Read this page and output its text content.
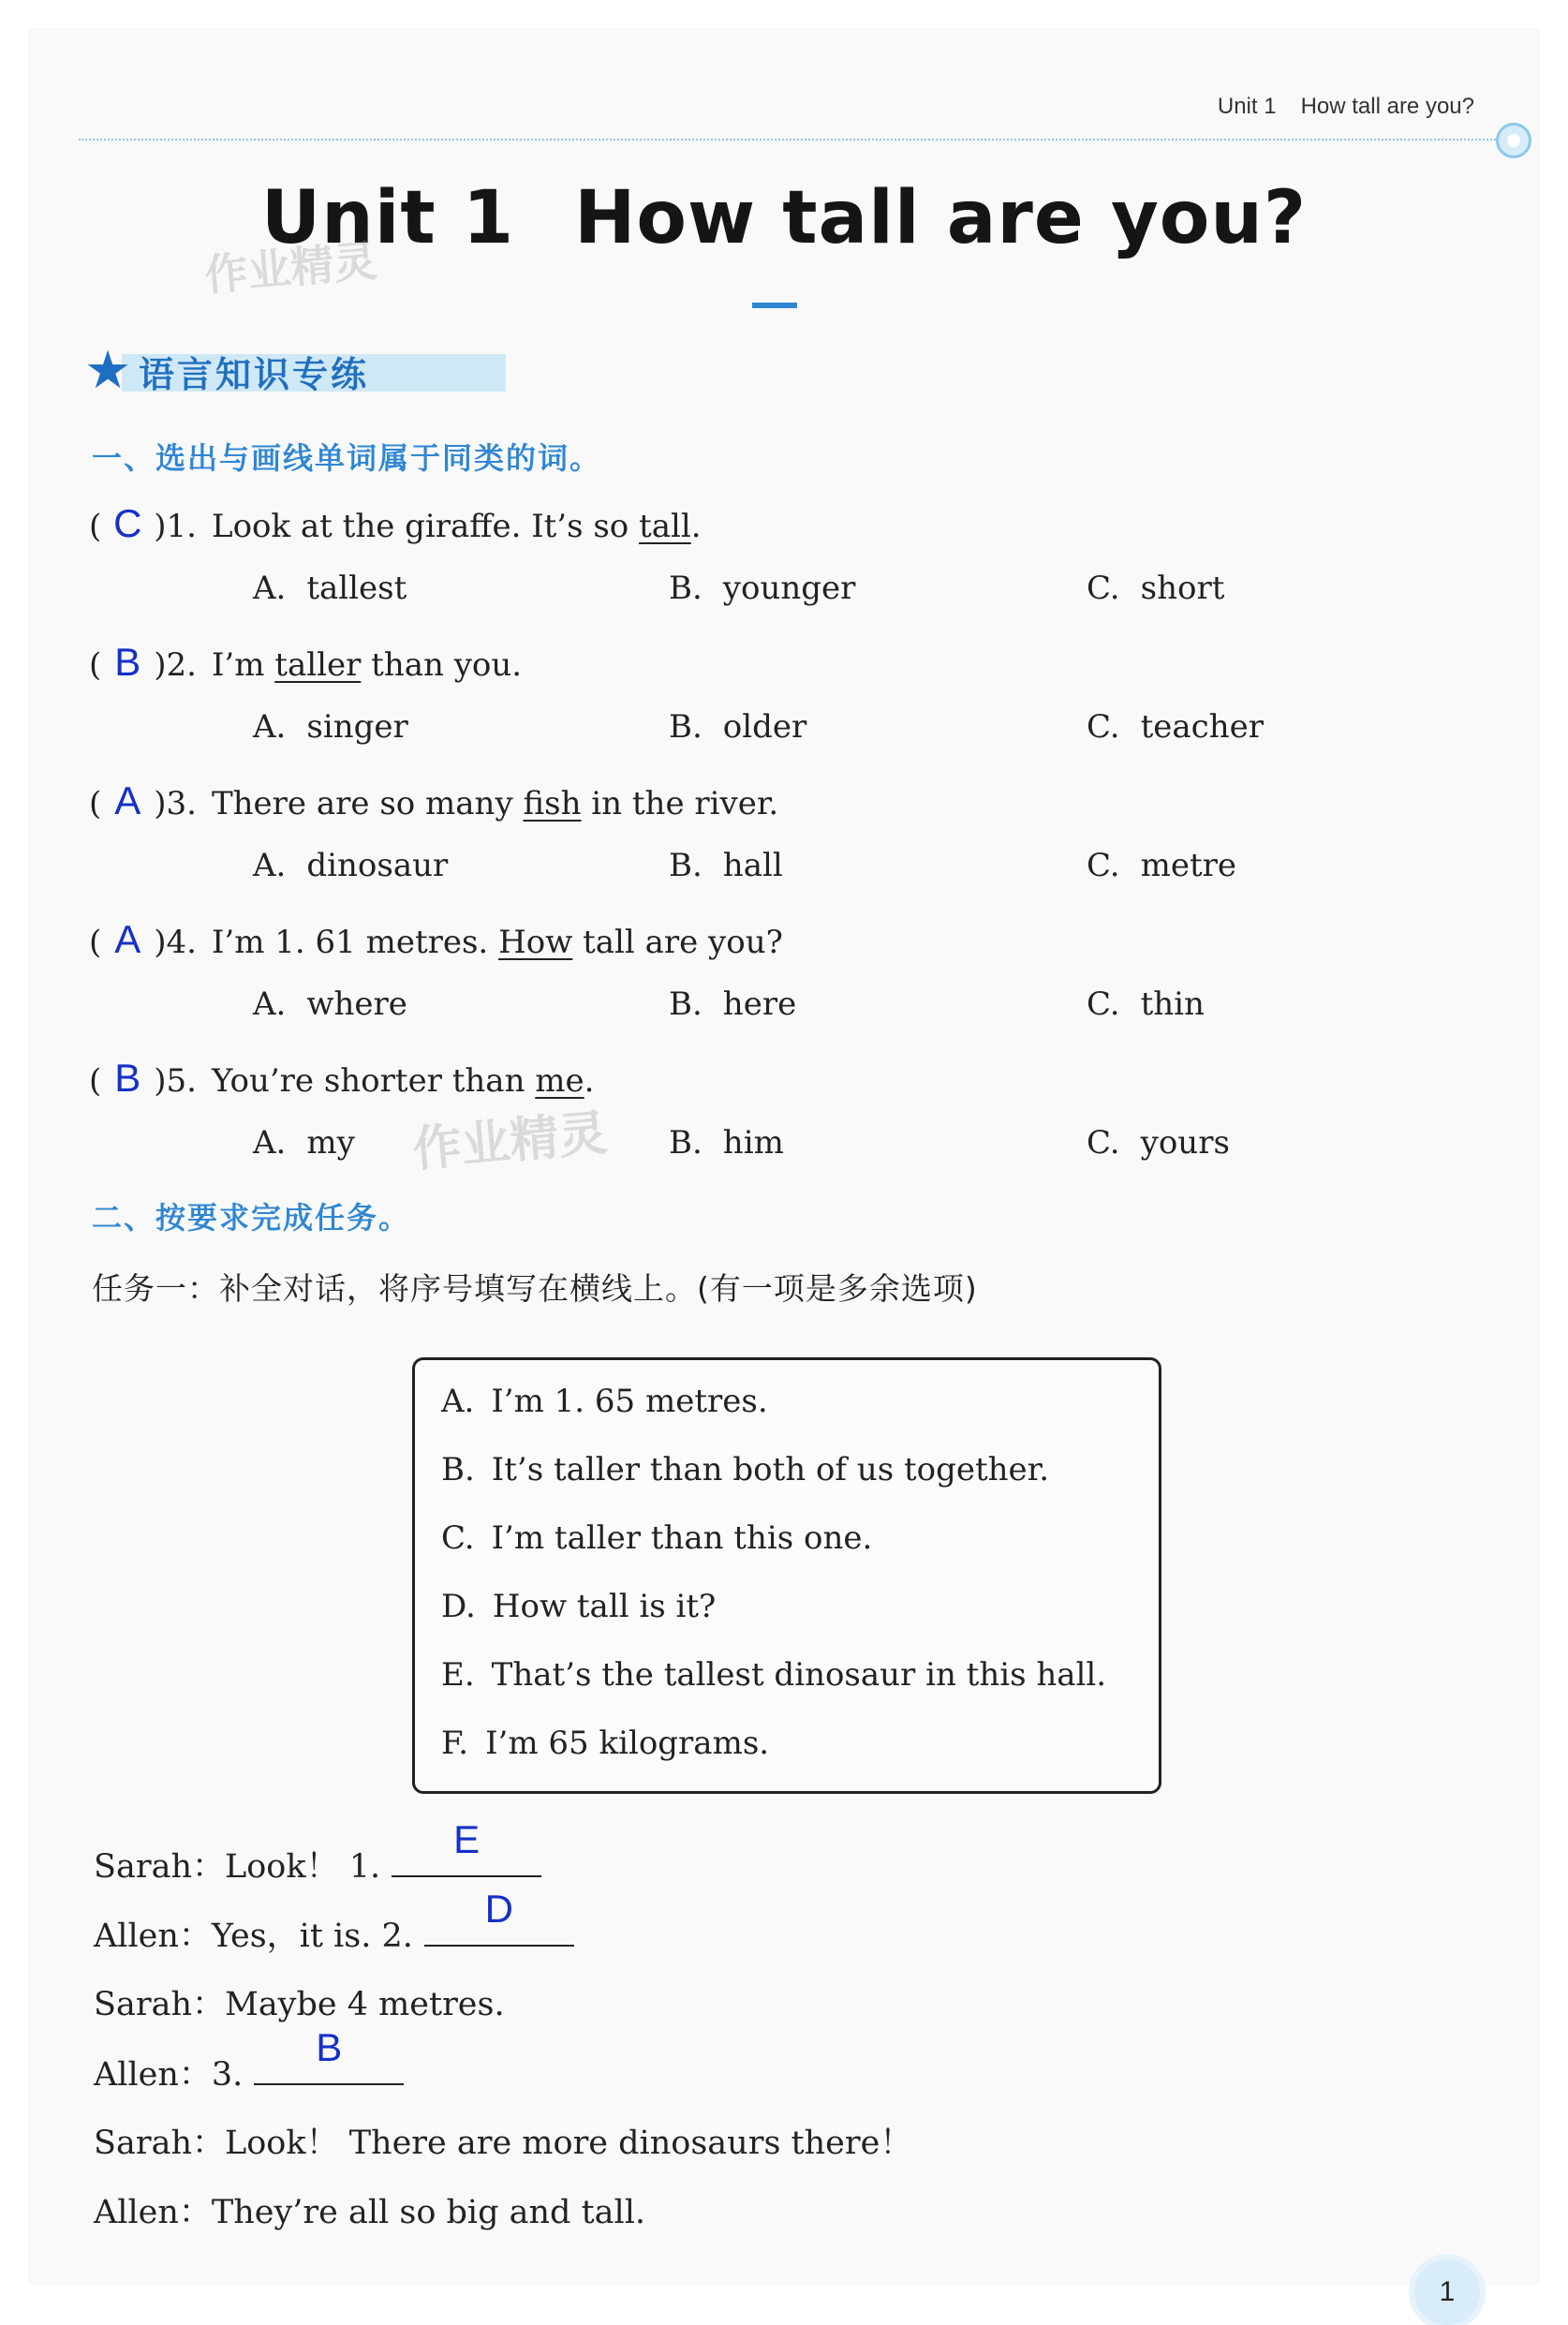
Unit 1 How tall are you?
Unit 1 How tall are you?
作业精灵
作业精灵
★ 语言知识专练
一、选出与画线单词属于同类的词。
( C )1. Look at the giraffe. It’s so tall.
A. tallest	B. younger	C. short
( B )2. I’m taller than you.
A. singer	B. older	C. teacher
( A )3. There are so many fish in the river.
A. dinosaur	B. hall	C. metre
( A )4. I’m 1. 61 metres. How tall are you?
A. where	B. here	C. thin
( B )5. You’re shorter than me.
A. my	B. him	C. yours
二、按要求完成任务。
任务一：补全对话，将序号填写在横线上。(有一项是多余选项)
A. I’m 1. 65 metres.
B. It’s taller than both of us together.
C. I’m taller than this one.
D. How tall is it?
E. That’s the tallest dinosaur in this hall.
F. I’m 65 kilograms.
Sarah：Look！ 1.
E
Allen：Yes，it is. 2.
D
Sarah：Maybe 4 metres.
Allen：3.
B
Sarah：Look！ There are more dinosaurs there！
Allen：They’re all so big and tall.
1
